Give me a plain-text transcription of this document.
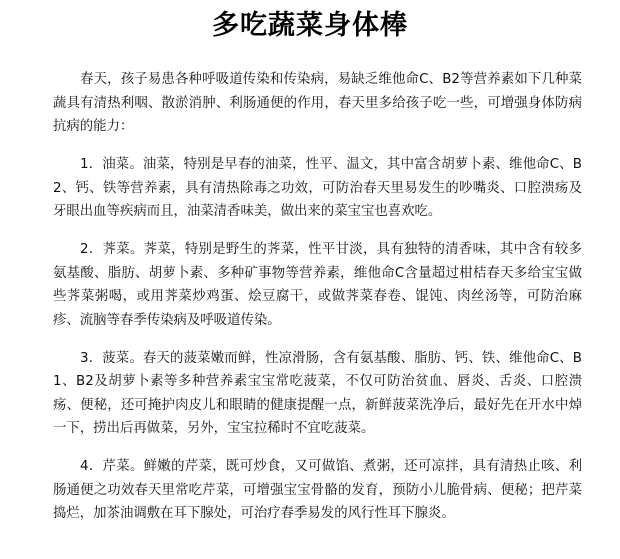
多吃蔬菜身体棒

春天，孩子易患各种呼吸道传染和传染病，易缺乏维他命C、B2等营养素如下几种菜蔬具有清热利咽、散淤消肿、利肠通便的作用，春天里多给孩子吃一些，可增强身体防病抗病的能力：

1．油菜。油菜，特别是早春的油菜，性平、温文，其中富含胡萝卜素、维他命C、B2、钙、铁等营养素，具有清热除毒之功效，可防治春天里易发生的吵嘴炎、口腔溃疡及牙眼出血等疾病而且，油菜清香味美，做出来的菜宝宝也喜欢吃。

2．荠菜。荠菜，特别是野生的荠菜，性平甘淡，具有独特的清香味，其中含有较多氨基酸、脂肪、胡萝卜素、多种矿事物等营养素，维他命C含量超过柑桔春天多给宝宝做些荠菜粥喝，或用荠菜炒鸡蛋、烩豆腐干，或做荠菜春卷、馄饨、肉丝汤等，可防治麻疹、流脑等春季传染病及呼吸道传染。

3．菠菜。春天的菠菜嫩而鲜，性凉滑肠，含有氨基酸、脂肪、钙、铁、维他命C、B1、B2及胡萝卜素等多种营养素宝宝常吃菠菜，不仅可防治贫血、唇炎、舌炎、口腔溃疡、便秘，还可掩护肉皮儿和眼睛的健康提醒一点，新鲜菠菜洗净后，最好先在开水中焯一下，捞出后再做菜，另外，宝宝拉稀时不宜吃菠菜。

4．芹菜。鲜嫩的芹菜，既可炒食，又可做馅、煮粥，还可凉拌，具有清热止咳、利肠通便之功效春天里常吃芹菜，可增强宝宝骨骼的发育，预防小儿脆骨病、便秘；把芹菜捣烂，加茶油调敷在耳下腺处，可治疗春季易发的风行性耳下腺炎。
